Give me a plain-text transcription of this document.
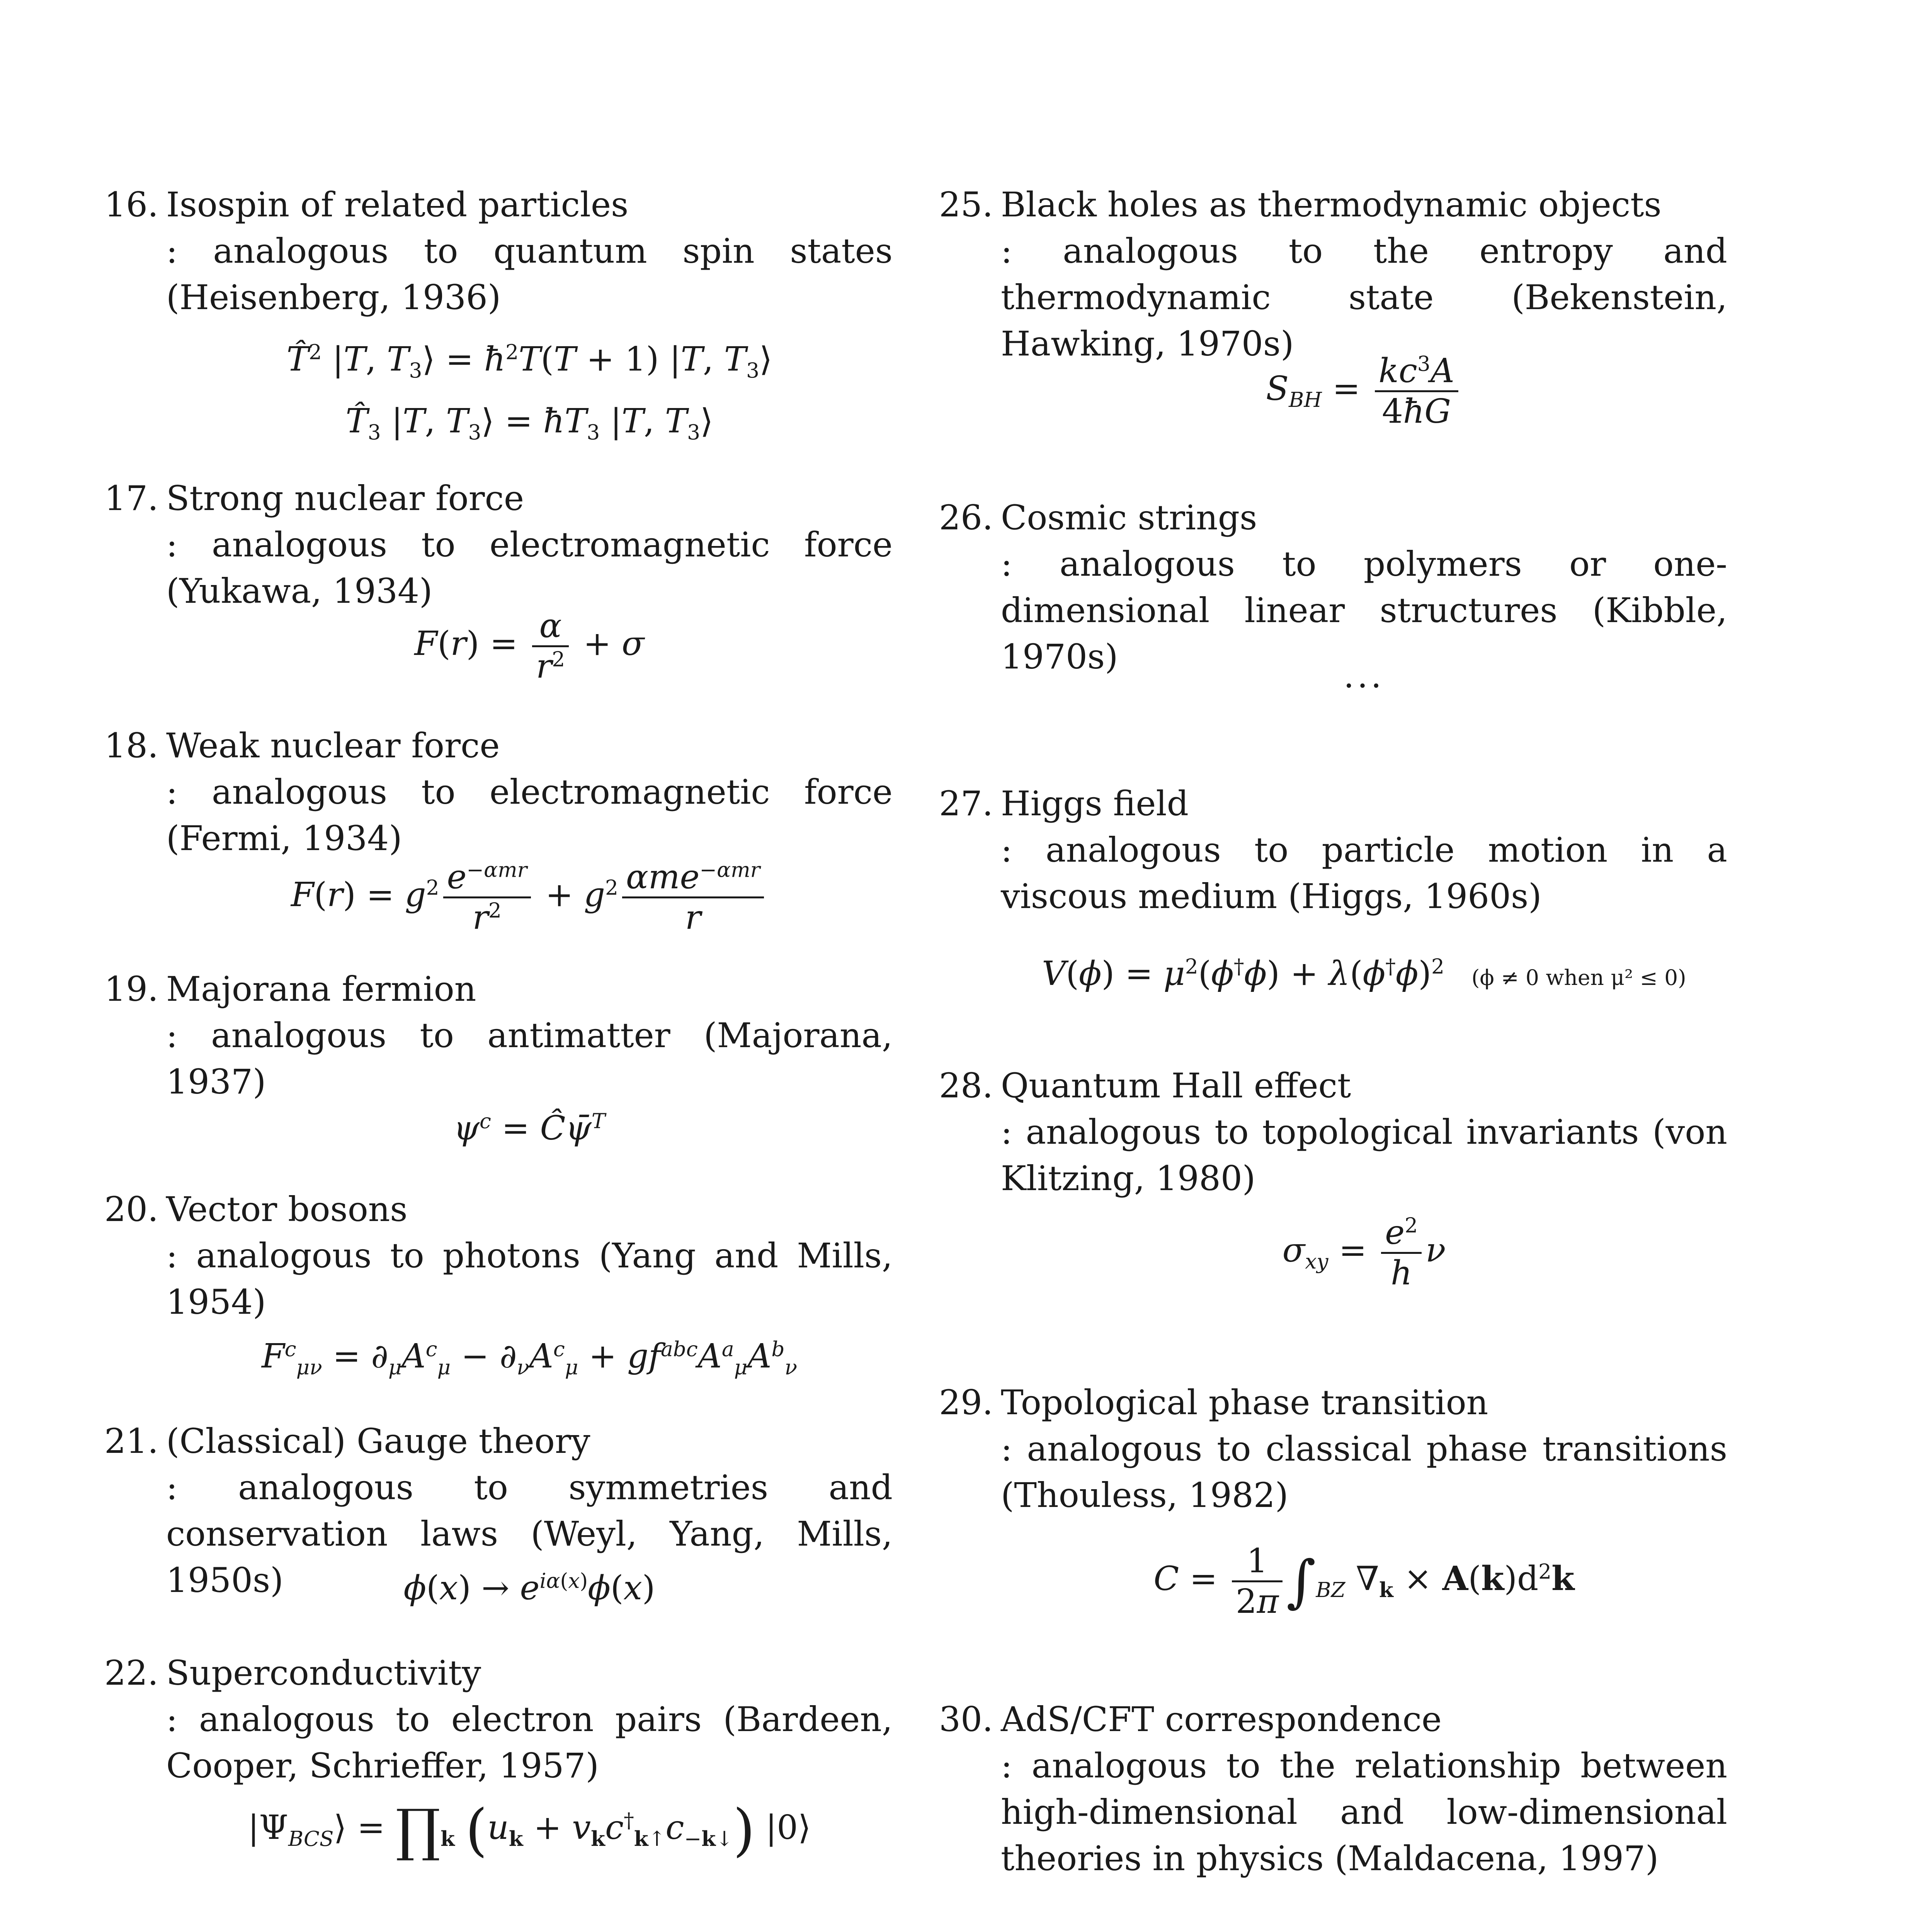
16. Isospin of related particles
: analogous to quantum spin states (Heisenberg, 1936)
T̂$^2$ |T, $T_3⟩$ = $ħ^2T(T + 1)$ |T, $T_3⟩$
$T̂_3$ |T, $T_3⟩$ = $ħT_3$ |T, $T_3⟩$
17. Strong nuclear force
: analogous to electromagnetic force (Yukawa, 1934)
$F(r) = \frac{\alpha}{r^2} + \sigma$
18. Weak nuclear force
: analogous to electromagnetic force (Fermi, 1934)
$F(r) = g^2 \frac{e^{-\alpha mr}}{r^2} + g^2 \frac{\alpha me^{-\alpha mr}}{r}$
19. Majorana fermion
: analogous to antimatter (Majorana, 1937)
$\psi^c$ = Ĉψ̄$^T$
20. Vector bosons
: analogous to photons (Yang and Mills, 1954)
$F^c_{\mu\nu} = \partial_\mu A^c_\mu - \partial_\nu A^c_\mu + gf^{abc}A^a_\mu A^b_\nu$
21. (Classical) Gauge theory
: analogous to symmetries and conservation laws (Weyl, Yang, Mills, 1950s)	$\phi(x) \to e^{i\alpha(x)}\phi(x)$
22. Superconductivity
: analogous to electron pairs (Bardeen, Cooper, Schrieffer, 1957)
$|\Psi_{BCS}⟩$ = $\prod_k$ $(u_k + v_kc^\dagger_{k↑}c_{-k↓})$ |0⟩
25. Black holes as thermodynamic objects
: analogous to the entropy and thermodynamic state (Bekenstein, Hawking, 1970s)
$S_{BH} = \frac{kc^3A}{4ħG}$
26. Cosmic strings
: analogous to polymers or one-dimensional linear structures (Kibble, 1970s)	...
27. Higgs field
: analogous to particle motion in a viscous medium (Higgs, 1960s)
$V(\phi) = \mu^2(\phi^\dagger\phi) + \lambda(\phi^\dagger\phi)^2$ (ϕ ≠ 0 when μ² ≤ 0)
28. Quantum Hall effect
: analogous to topological invariants (von Klitzing, 1980)
$\sigma_{xy} = \frac{e^2}{h}$ ν
29. Topological phase transition
: analogous to classical phase transitions (Thouless, 1982)
$C = \frac{1}{2\pi} \int_{BZ}$ $\nabla_k \times A(k)d^2k$
30. AdS/CFT correspondence
: analogous to the relationship between high-dimensional and low-dimensional theories in physics (Maldacena, 1997)
